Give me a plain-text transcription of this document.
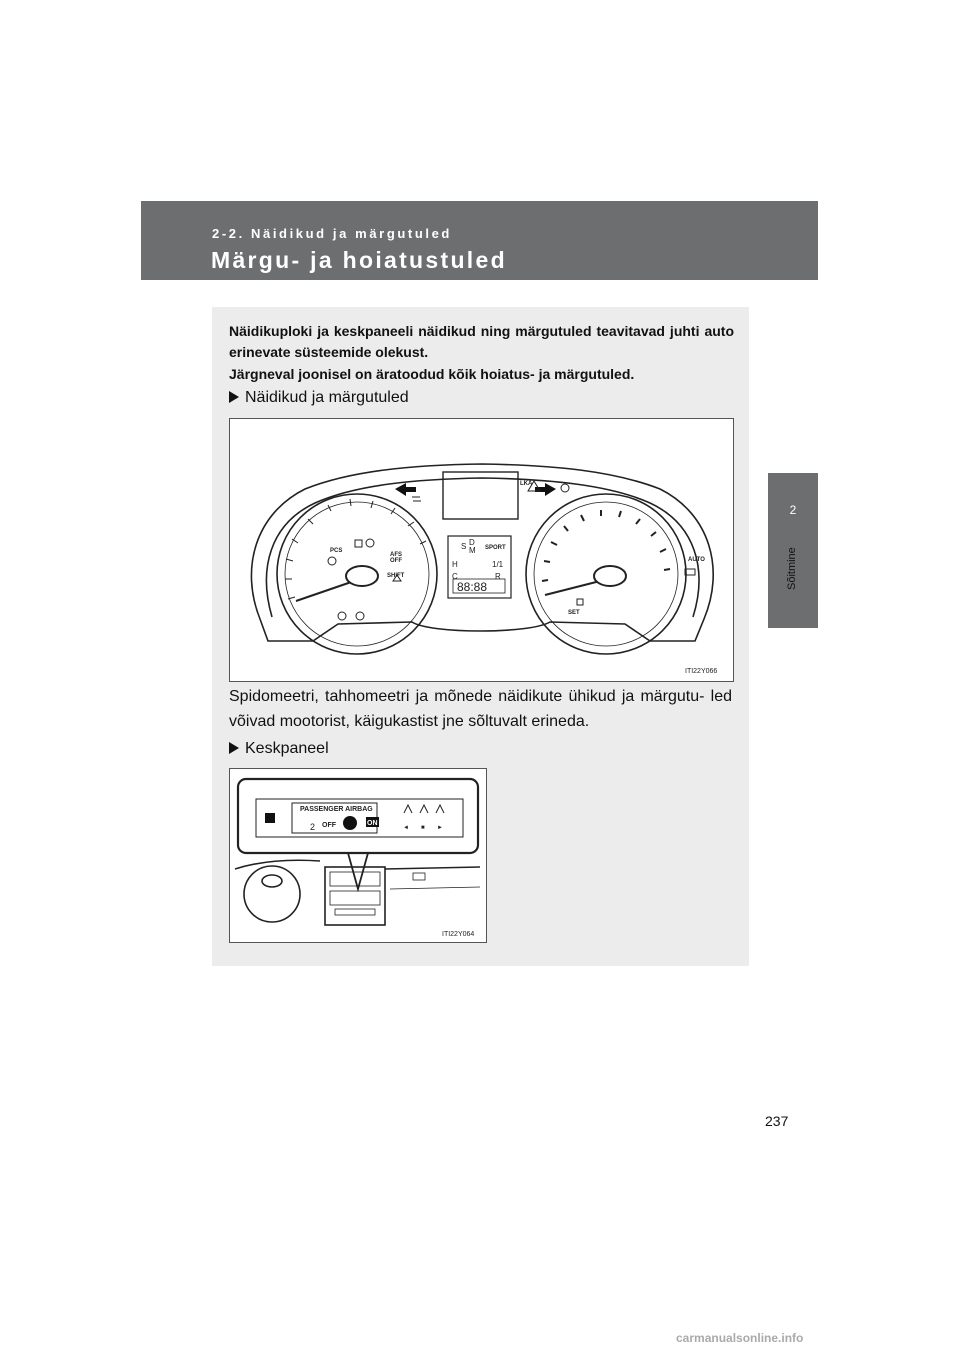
2-2. Näidikud ja märgutuled
Märgu- ja hoiatustuled
2
Sõitmine
Näidikuploki ja keskpaneeli näidikud ning märgutuled teavitavad juhti auto erinevate süsteemide olekust.
Järgneval joonisel on äratoodud kõik hoiatus- ja märgutuled.
Näidikud ja märgutuled
LKA
PCS
AFS
OFF
SHIFT
SPORT
SET
AUTO
S D
M
H
C
1/1
R
88:88
ITI22Y066
Spidomeetri, tahhomeetri ja mõnede näidikute ühikud ja märgutu- led võivad mootorist, käigukastist jne sõltuvalt erineda.
Keskpaneel
PASSENGER AIRBAG
OFF	ON
2	◄ ■ ►
ITI22Y064
237
carmanualsonline.info
